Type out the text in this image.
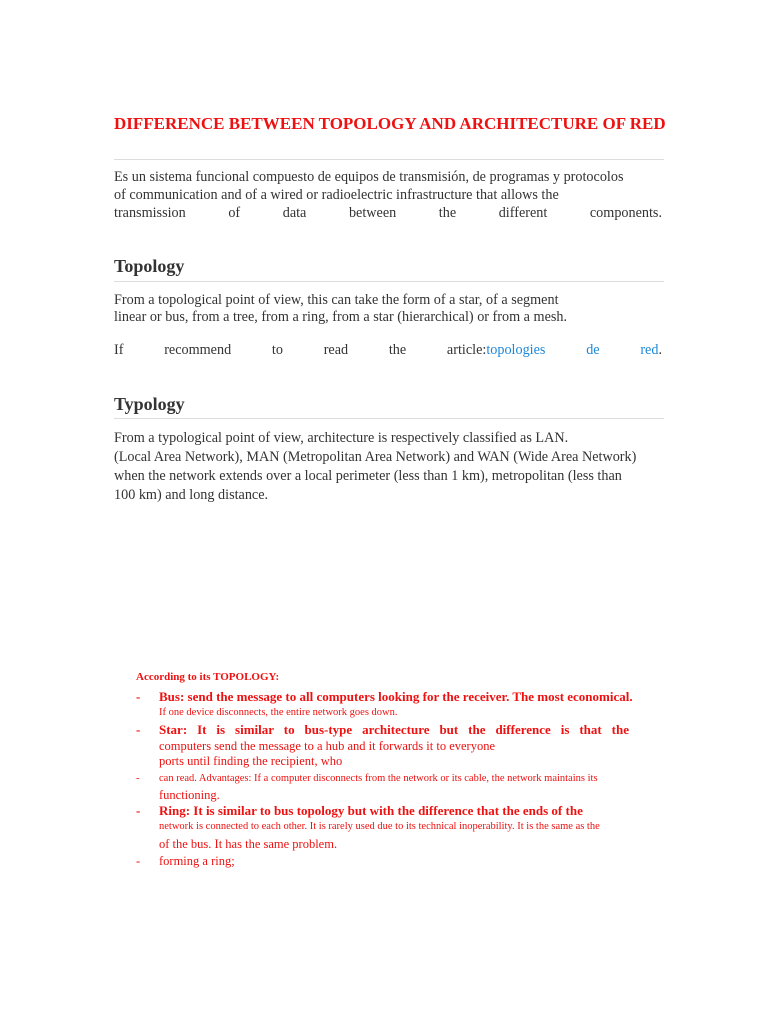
DIFFERENCE BETWEEN TOPOLOGY AND ARCHITECTURE OF RED

Es un sistema funcional compuesto de equipos de transmisión, de programas y protocolos

of communication and of a wired or radioelectric infrastructure that allows the

transmission of data between the different components.

Topology

From a topological point of view, this can take the form of a star, of a segment

linear or bus, from a tree, from a ring, from a star (hierarchical) or from a mesh.

If recommend to read the article:topologies de red.

Typology

From a typological point of view, architecture is respectively classified as LAN.

(Local Area Network), MAN (Metropolitan Area Network) and WAN (Wide Area Network)

when the network extends over a local perimeter (less than 1 km), metropolitan (less than

100 km) and long distance.

According to its TOPOLOGY:

-	Bus: send the message to all computers looking for the receiver. The most economical.

If one device disconnects, the entire network goes down.

-	Star: It is similar to bus-type architecture but the difference is that the

computers send the message to a hub and it forwards it to everyone

ports until finding the recipient, who

-	can read. Advantages: If a computer disconnects from the network or its cable, the network maintains its

functioning.

-	Ring: It is similar to bus topology but with the difference that the ends of the

network is connected to each other. It is rarely used due to its technical inoperability. It is the same as the

of the bus. It has the same problem.

-	forming a ring;
